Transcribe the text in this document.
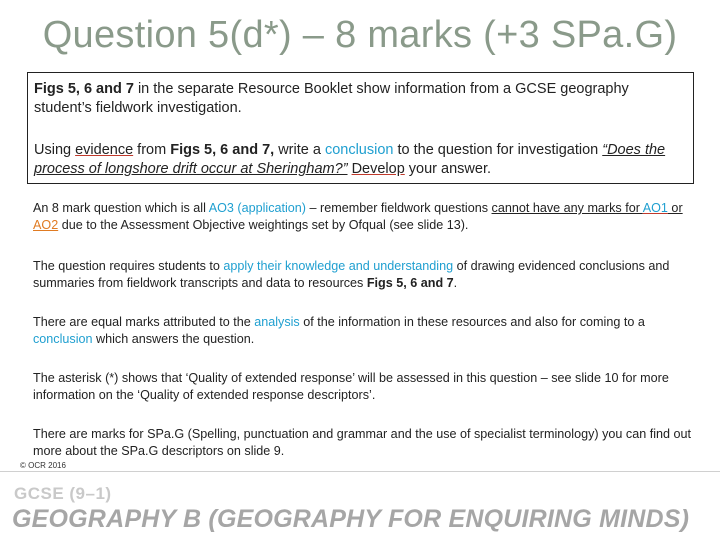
Question 5(d*) – 8 marks (+3 SPa.G)

Figs 5, 6 and 7 in the separate Resource Booklet show information from a GCSE geography student’s fieldwork investigation.

Using evidence from Figs 5, 6 and 7, write a conclusion to the question for investigation “Does the process of longshore drift occur at Sheringham?” Develop your answer.

An 8 mark question which is all AO3 (application) – remember fieldwork questions cannot have any marks for AO1 or AO2 due to the Assessment Objective weightings set by Ofqual (see slide 13).

The question requires students to apply their knowledge and understanding of drawing evidenced conclusions and summaries from fieldwork transcripts and data to resources Figs 5, 6 and 7.

There are equal marks attributed to the analysis of the information in these resources and also for coming to a conclusion which answers the question.

The asterisk (*) shows that ‘Quality of extended response’ will be assessed in this question – see slide 10 for more information on the ‘Quality of extended response descriptors’.

There are marks for SPa.G (Spelling, punctuation and grammar and the use of specialist terminology) you can find out more about the SPa.G descriptors on slide 9.

© OCR 2016
GCSE (9–1)
GEOGRAPHY B (GEOGRAPHY FOR ENQUIRING MINDS)
